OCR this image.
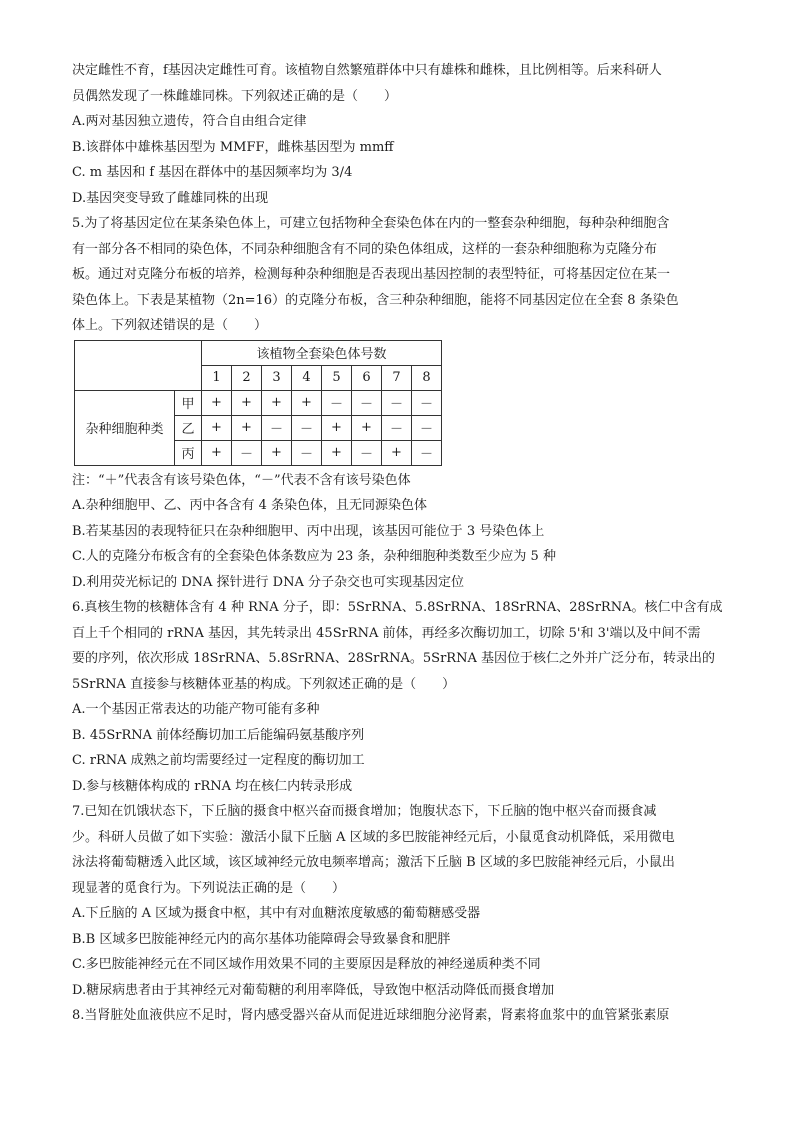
决定雌性不育，f基因决定雌性可育。该植物自然繁殖群体中只有雄株和雌株，且比例相等。后来科研人
员偶然发现了一株雌雄同株。下列叙述正确的是（　　）
A.两对基因独立遗传，符合自由组合定律
B.该群体中雄株基因型为 MMFF，雌株基因型为 mmff
C. m 基因和 f 基因在群体中的基因频率均为 3/4
D.基因突变导致了雌雄同株的出现
5.为了将基因定位在某条染色体上，可建立包括物种全套染色体在内的一整套杂种细胞，每种杂种细胞含
有一部分各不相同的染色体，不同杂种细胞含有不同的染色体组成，这样的一套杂种细胞称为克隆分布
板。通过对克隆分布板的培养，检测每种杂种细胞是否表现出基因控制的表型特征，可将基因定位在某一
染色体上。下表是某植物（2n=16）的克隆分布板，含三种杂种细胞，能将不同基因定位在全套 8 条染色
体上。下列叙述错误的是（　　）
		该植物全套染色体号数							
		1	2	3	4	5	6	7	8
杂种细胞种类	甲	+	+	+	+	－	－	－	－
	乙	+	+	－	－	+	+	－	－
	丙	+	－	+	－	+	－	+	－
注：“＋”代表含有该号染色体，“－”代表不含有该号染色体
A.杂种细胞甲、乙、丙中各含有 4 条染色体，且无同源染色体
B.若某基因的表现特征只在杂种细胞甲、丙中出现，该基因可能位于 3 号染色体上
C.人的克隆分布板含有的全套染色体条数应为 23 条，杂种细胞种类数至少应为 5 种
D.利用荧光标记的 DNA 探针进行 DNA 分子杂交也可实现基因定位
6.真核生物的核糖体含有 4 种 RNA 分子，即：5SrRNA、5.8SrRNA、18SrRNA、28SrRNA。核仁中含有成
百上千个相同的 rRNA 基因，其先转录出 45SrRNA 前体，再经多次酶切加工，切除 5'和 3'端以及中间不需
要的序列，依次形成 18SrRNA、5.8SrRNA、28SrRNA。5SrRNA 基因位于核仁之外并广泛分布，转录出的
5SrRNA 直接参与核糖体亚基的构成。下列叙述正确的是（　　）
A.一个基因正常表达的功能产物可能有多种
B. 45SrRNA 前体经酶切加工后能编码氨基酸序列
C. rRNA 成熟之前均需要经过一定程度的酶切加工
D.参与核糖体构成的 rRNA 均在核仁内转录形成
7.已知在饥饿状态下，下丘脑的摄食中枢兴奋而摄食增加；饱腹状态下，下丘脑的饱中枢兴奋而摄食减
少。科研人员做了如下实验：激活小鼠下丘脑 A 区域的多巴胺能神经元后，小鼠觅食动机降低，采用微电
泳法将葡萄糖透入此区域，该区域神经元放电频率增高；激活下丘脑 B 区域的多巴胺能神经元后，小鼠出
现显著的觅食行为。下列说法正确的是（　　）
A.下丘脑的 A 区域为摄食中枢，其中有对血糖浓度敏感的葡萄糖感受器
B.B 区域多巴胺能神经元内的高尔基体功能障碍会导致暴食和肥胖
C.多巴胺能神经元在不同区域作用效果不同的主要原因是释放的神经递质种类不同
D.糖尿病患者由于其神经元对葡萄糖的利用率降低，导致饱中枢活动降低而摄食增加
8.当肾脏处血液供应不足时，肾内感受器兴奋从而促进近球细胞分泌肾素，肾素将血浆中的血管紧张素原
